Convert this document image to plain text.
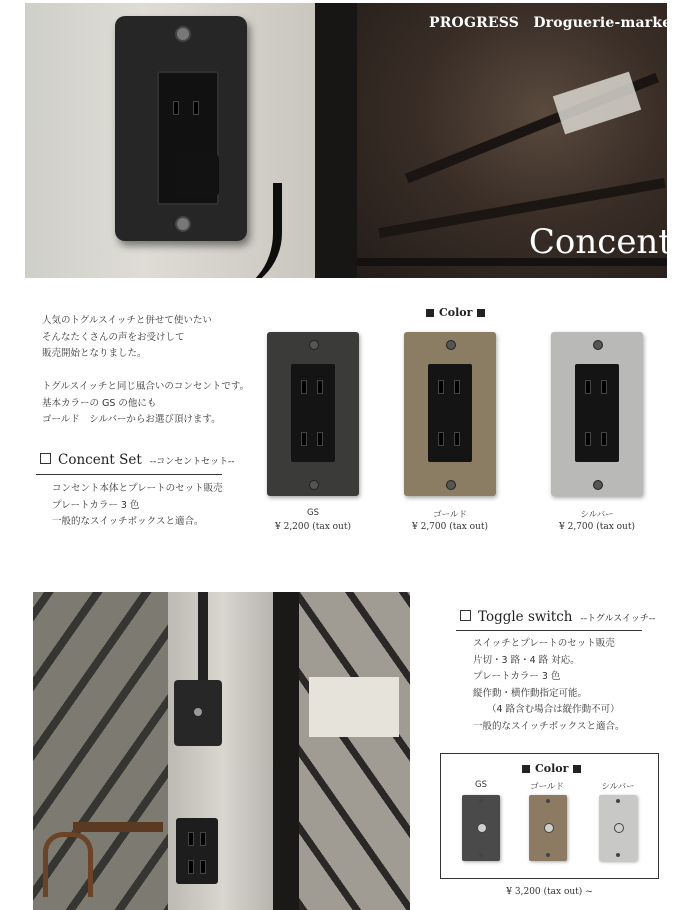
PROGRESS　Droguerie-market
Concent
人気のトグルスイッチと併せて使いたい
そんなたくさんの声をお受けして
販売開始となりました。
トグルスイッチと同じ風合いのコンセントです。
基本カラーの GS の他にも
ゴールド　シルバーからお選び頂けます。
Concent Set --コンセントセット--
コンセント本体とプレートのセット販売
プレートカラー 3 色
一般的なスイッチボックスと適合。
Color
GS	ゴールド	シルバー
¥ 2,200 (tax out)	¥ 2,700 (tax out)	¥ 2,700 (tax out)
Toggle switch --トグルスイッチ--
スイッチとプレートのセット販売
片切・3 路・4 路 対応。
プレートカラー 3 色
縦作動・横作動指定可能。
（4 路含む場合は縦作動不可）
一般的なスイッチボックスと適合。
Color
GS	ゴールド	シルバー
¥ 3,200 (tax out) ~
